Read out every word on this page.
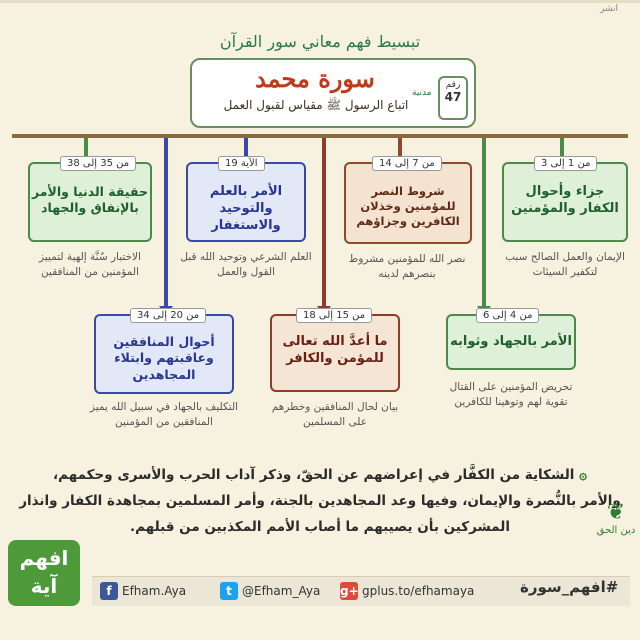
انشر
تبسيط فهم معاني سور القرآن
سورة محمد
اتباع الرسول ﷺ مقياس لقبول العمل
رقم
47
مدنية
جزاء وأحوال الكفار والمؤمنين
من 1 إلى 3
الإيمان والعمل الصالح سبب لتكفير السيئات
شروط النصر للمؤمنين وخذلان الكافرين وجزاؤهم
من 7 إلى 14
نصر الله للمؤمنين مشروط بنصرهم لدينه
الأمر بالعلم والتوحيد والاستغفار
الآية 19
العلم الشرعي وتوحيد الله قبل القول والعمل
حقيقة الدنيا والأمر بالإنفاق والجهاد
من 35 إلى 38
الاختبار سُنَّة إلهية لتمييز المؤمنين من المنافقين
الأمر بالجهاد وثوابه
من 4 إلى 6
تحريض المؤمنين على القتال تقوية لهم وتوهينا للكافرين
ما أعدَّ الله تعالى للمؤمن والكافر
من 15 إلى 18
بيان لحال المنافقين وخطرهم على المسلمين
أحوال المنافقين وعاقبتهم وابتلاء المجاهدين
من 20 إلى 34
التكليف بالجهاد في سبيل الله يميز المنافقين من المؤمنين
۞ الشكاية من الكفَّار في إعراضهم عن الحقّ، وذكر آداب الحرب والأسرى وحكمهم،
والأمر بالنُّصرة والإيمان، وفيها وعد المجاهدين بالجنة، وأمر المسلمين بمجاهدة الكفار وانذار
المشركين بأن يصيبهم ما أصاب الأمم المكذبين من قبلهم.
❦
دين الحق
f Efham.Aya	t @Efham_Aya g+ gplus.to/efhamaya	#افهم_سورة
افهم
آية
